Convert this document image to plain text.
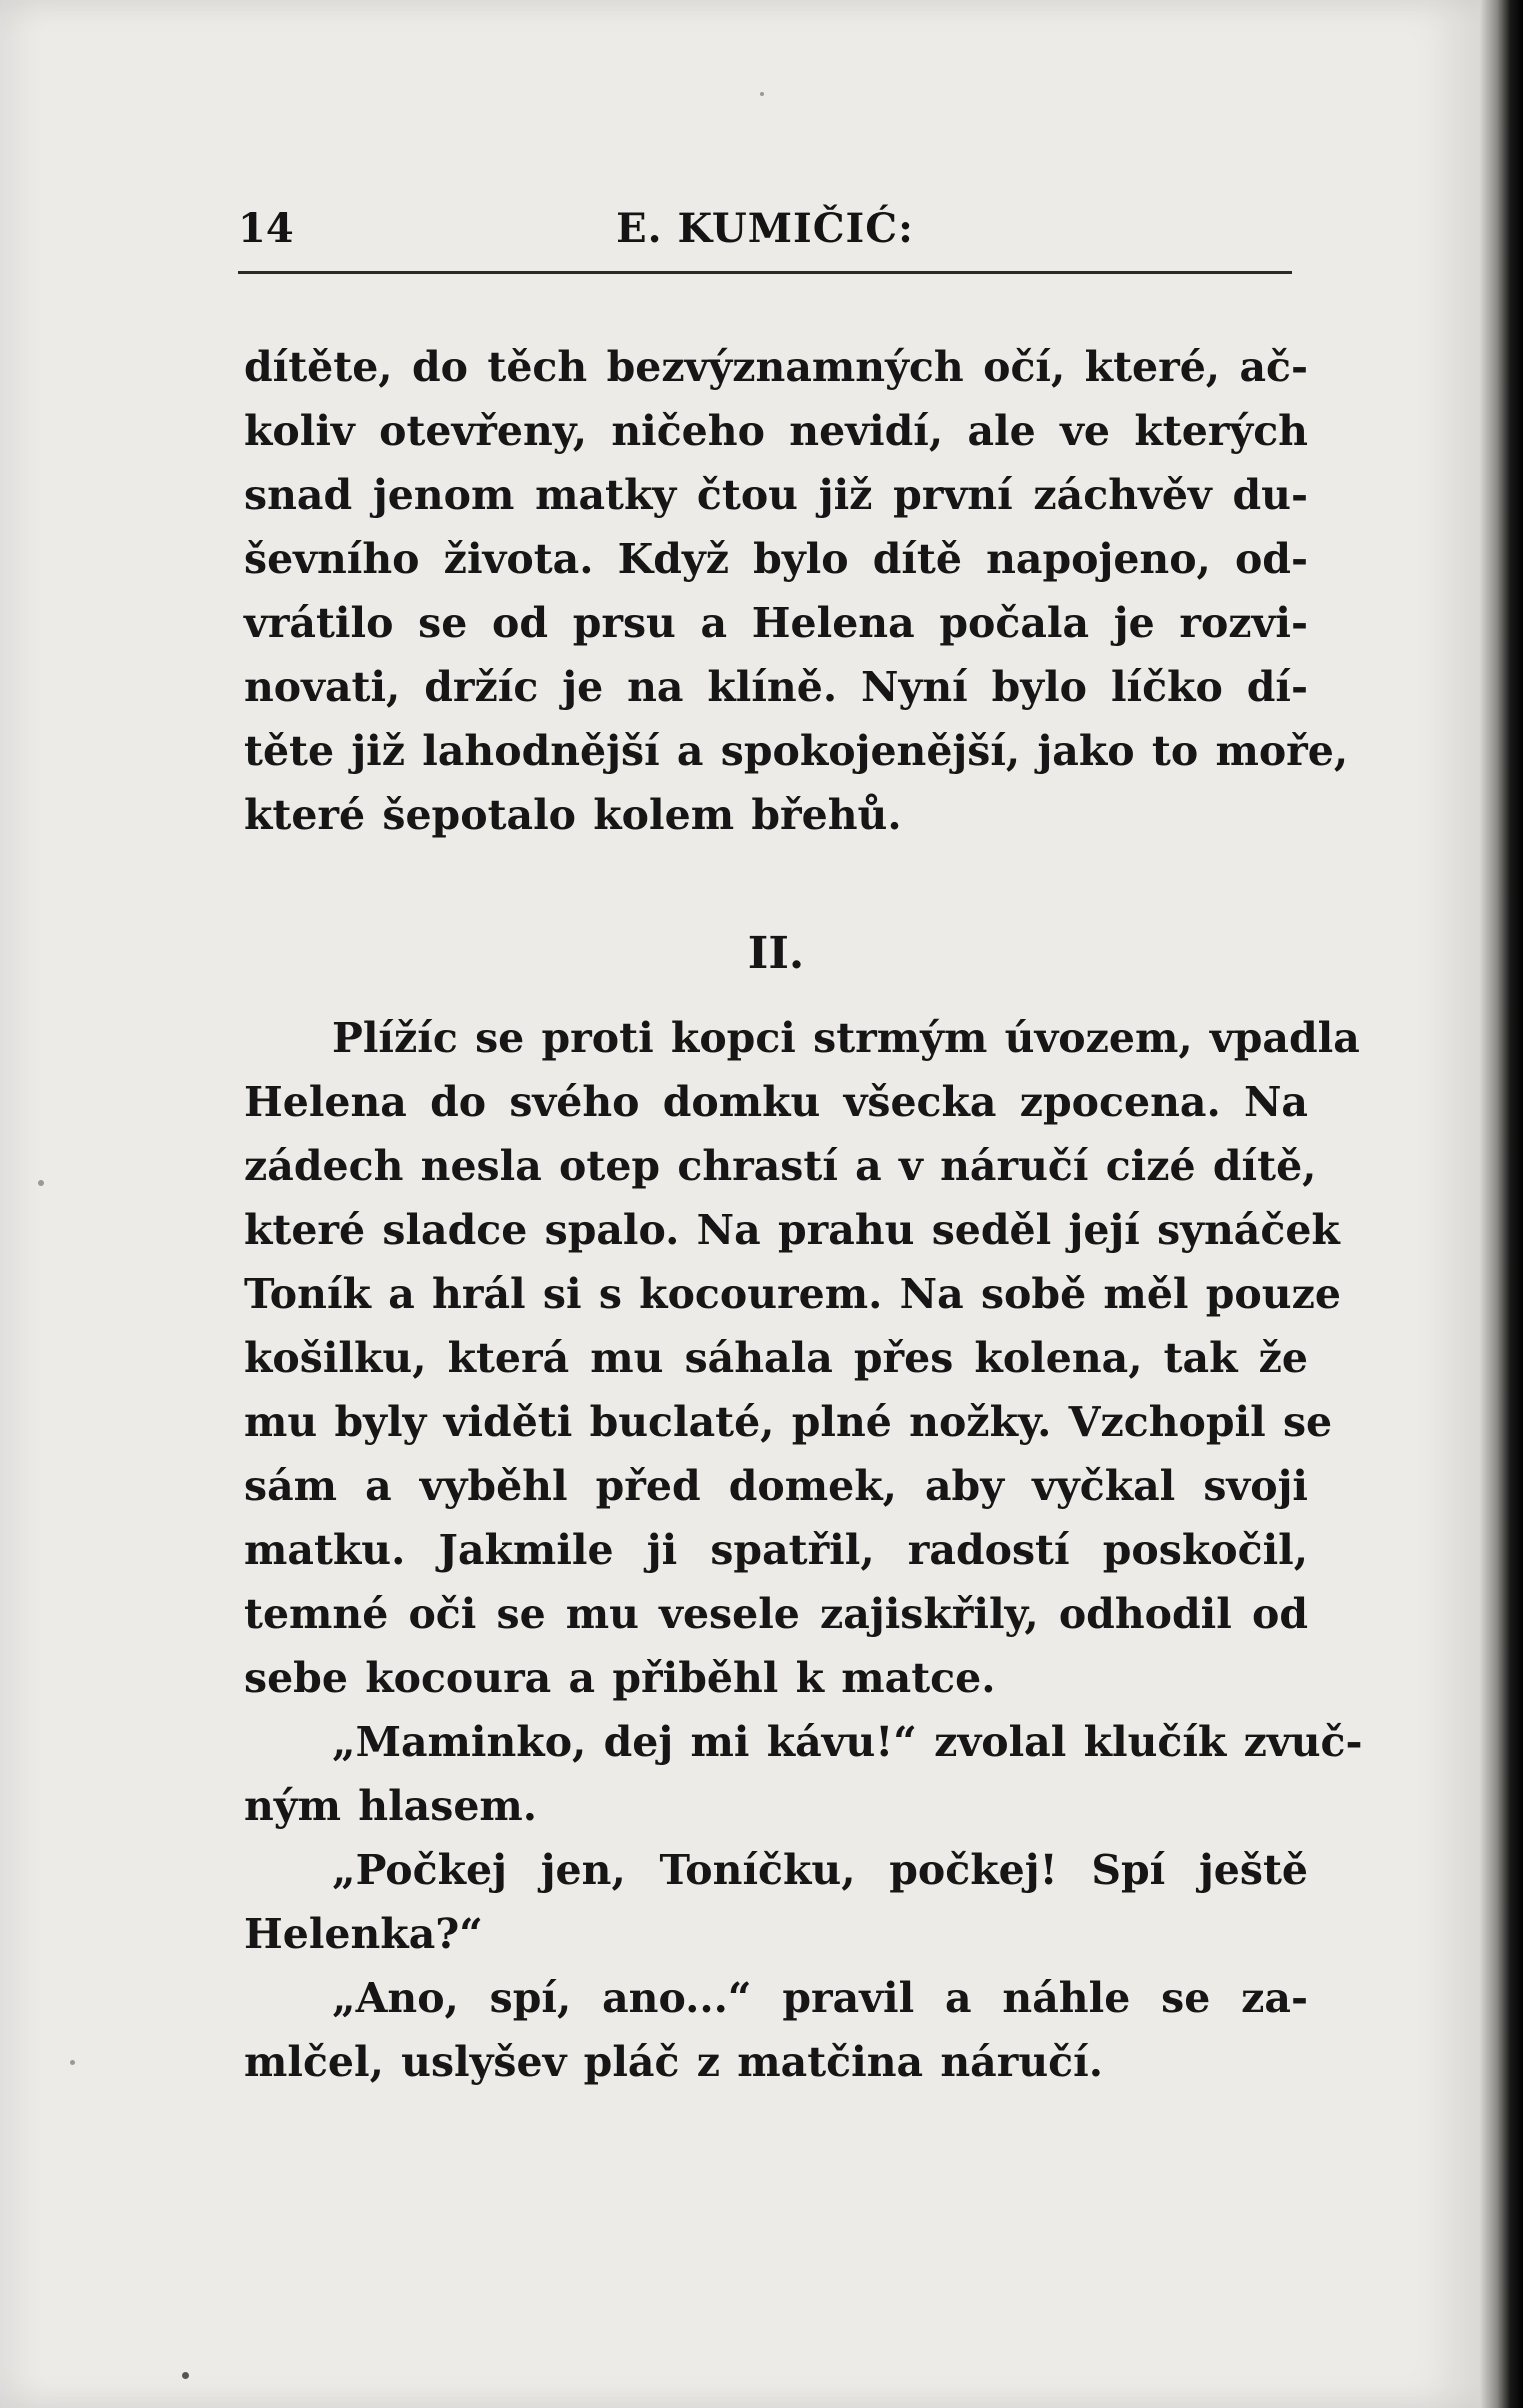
14	E. KUMIČIĆ:

dítěte, do těch bezvýznamných očí, které, ač-
koliv otevřeny, ničeho nevidí, ale ve kterých
snad jenom matky čtou již první záchvěv du-
ševního života. Když bylo dítě napojeno, od-
vrátilo se od prsu a Helena počala je rozvi-
novati, držíc je na klíně. Nyní bylo líčko dí-
těte již lahodnější a spokojenější, jako to moře,
které šepotalo kolem břehů.

II.

Plížíc se proti kopci strmým úvozem, vpadla
Helena do svého domku všecka zpocena. Na
zádech nesla otep chrastí a v náručí cizé dítě,
které sladce spalo. Na prahu seděl její synáček
Toník a hrál si s kocourem. Na sobě měl pouze
košilku, která mu sáhala přes kolena, tak že
mu byly viděti buclaté, plné nožky. Vzchopil se
sám a vyběhl před domek, aby vyčkal svoji
matku. Jakmile ji spatřil, radostí poskočil,
temné oči se mu vesele zajiskřily, odhodil od
sebe kocoura a přiběhl k matce.

„Maminko, dej mi kávu!“ zvolal klučík zvuč-
ným hlasem.

„Počkej jen, Toníčku, počkej! Spí ještě
Helenka?“

„Ano, spí, ano...“ pravil a náhle se za-
mlčel, uslyšev pláč z matčina náručí.
